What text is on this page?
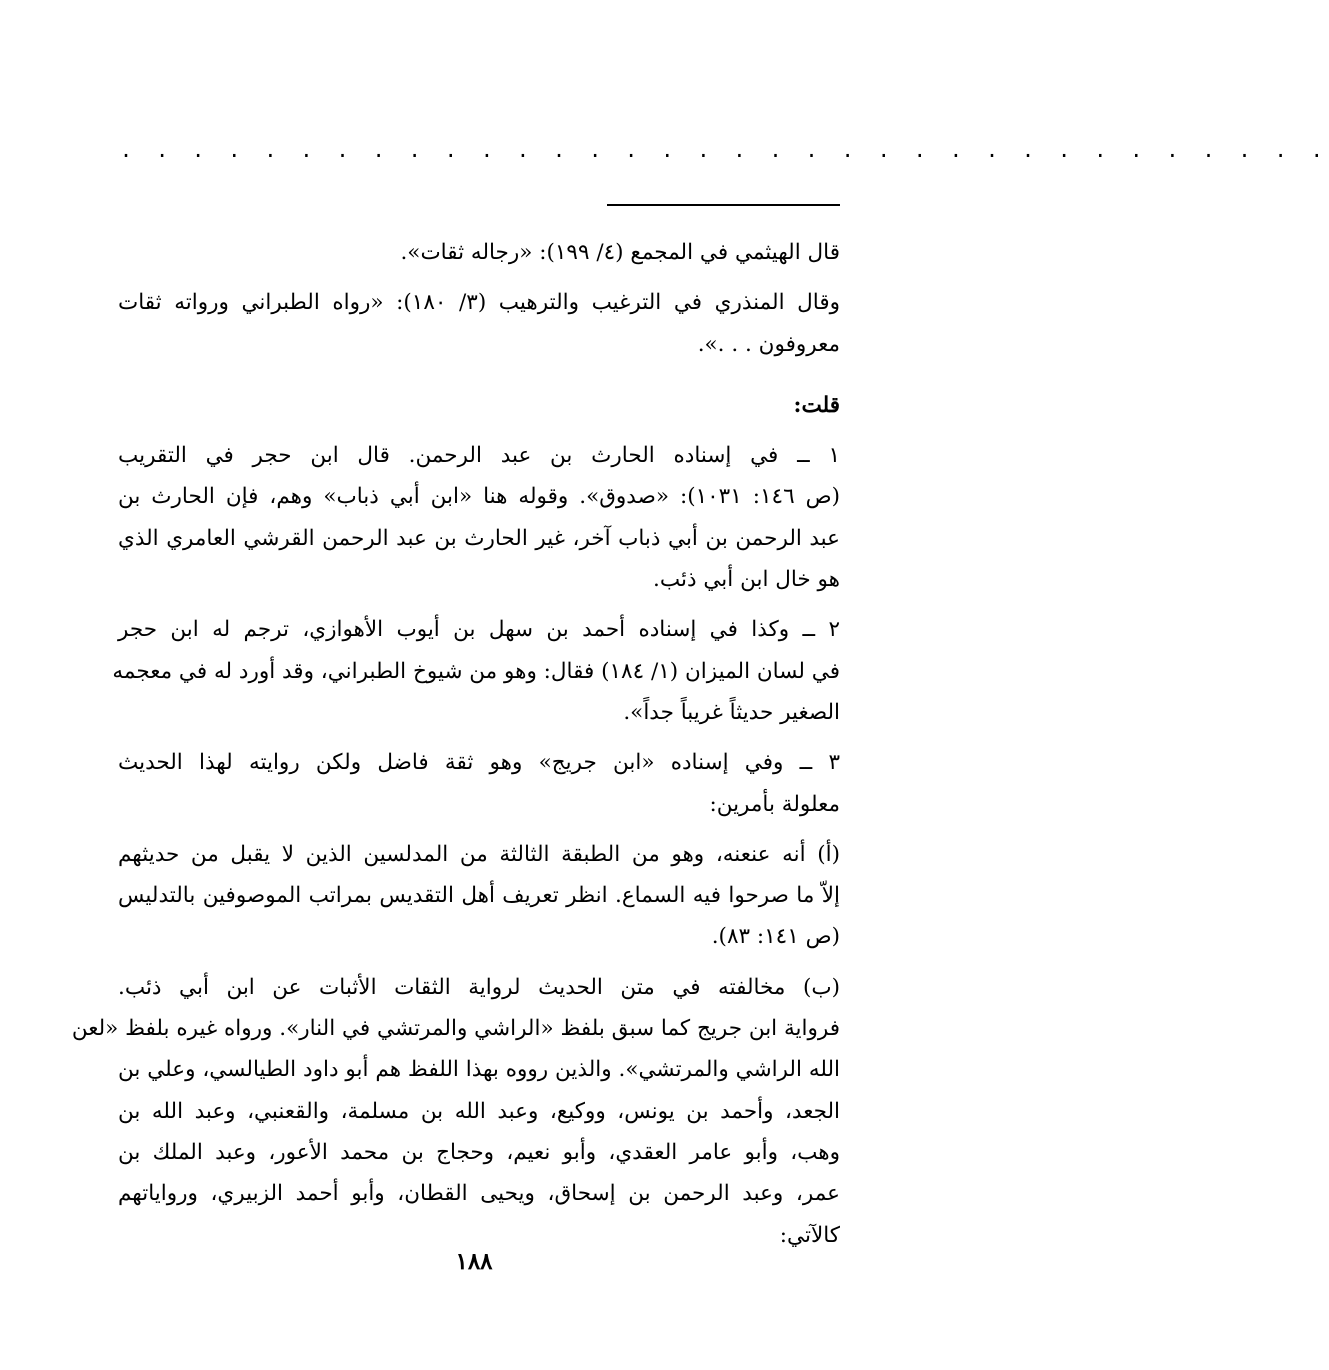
. . . . . . . . . . . . . . . . . . . . . . . . . . . . . . . . . .

قال الهيثمي في المجمع (٤/ ١٩٩): «رجاله ثقات».

وقال المنذري في الترغيب والترهيب (٣/ ١٨٠): «رواه الطبراني ورواته ثقات
معروفون . . .».

قلت:

١ ــ في إسناده الحارث بن عبد الرحمن. قال ابن حجر في التقريب
(ص ١٤٦: ١٠٣١): «صدوق». وقوله هنا «ابن أبي ذباب» وهم، فإن الحارث بن
عبد الرحمن بن أبي ذباب آخر، غير الحارث بن عبد الرحمن القرشي العامري الذي
هو خال ابن أبي ذئب.

٢ ــ وكذا في إسناده أحمد بن سهل بن أيوب الأهوازي، ترجم له ابن حجر
في لسان الميزان (١/ ١٨٤) فقال: وهو من شيوخ الطبراني، وقد أورد له في معجمه
الصغير حديثاً غريباً جداً».

٣ ــ وفي إسناده «ابن جريج» وهو ثقة فاضل ولكن روايته لهذا الحديث
معلولة بأمرين:

(أ) أنه عنعنه، وهو من الطبقة الثالثة من المدلسين الذين لا يقبل من حديثهم
إلاّ ما صرحوا فيه السماع. انظر تعريف أهل التقديس بمراتب الموصوفين بالتدليس
(ص ١٤١: ٨٣).

(ب) مخالفته في متن الحديث لرواية الثقات الأثبات عن ابن أبي ذئب.
فرواية ابن جريج كما سبق بلفظ «الراشي والمرتشي في النار». ورواه غيره بلفظ «لعن
الله الراشي والمرتشي». والذين رووه بهذا اللفظ هم أبو داود الطيالسي، وعلي بن
الجعد، وأحمد بن يونس، ووكيع، وعبد الله بن مسلمة، والقعنبي، وعبد الله بن
وهب، وأبو عامر العقدي، وأبو نعيم، وحجاج بن محمد الأعور، وعبد الملك بن
عمر، وعبد الرحمن بن إسحاق، ويحيى القطان، وأبو أحمد الزبيري، ورواياتهم
كالآتي:

١٨٨
